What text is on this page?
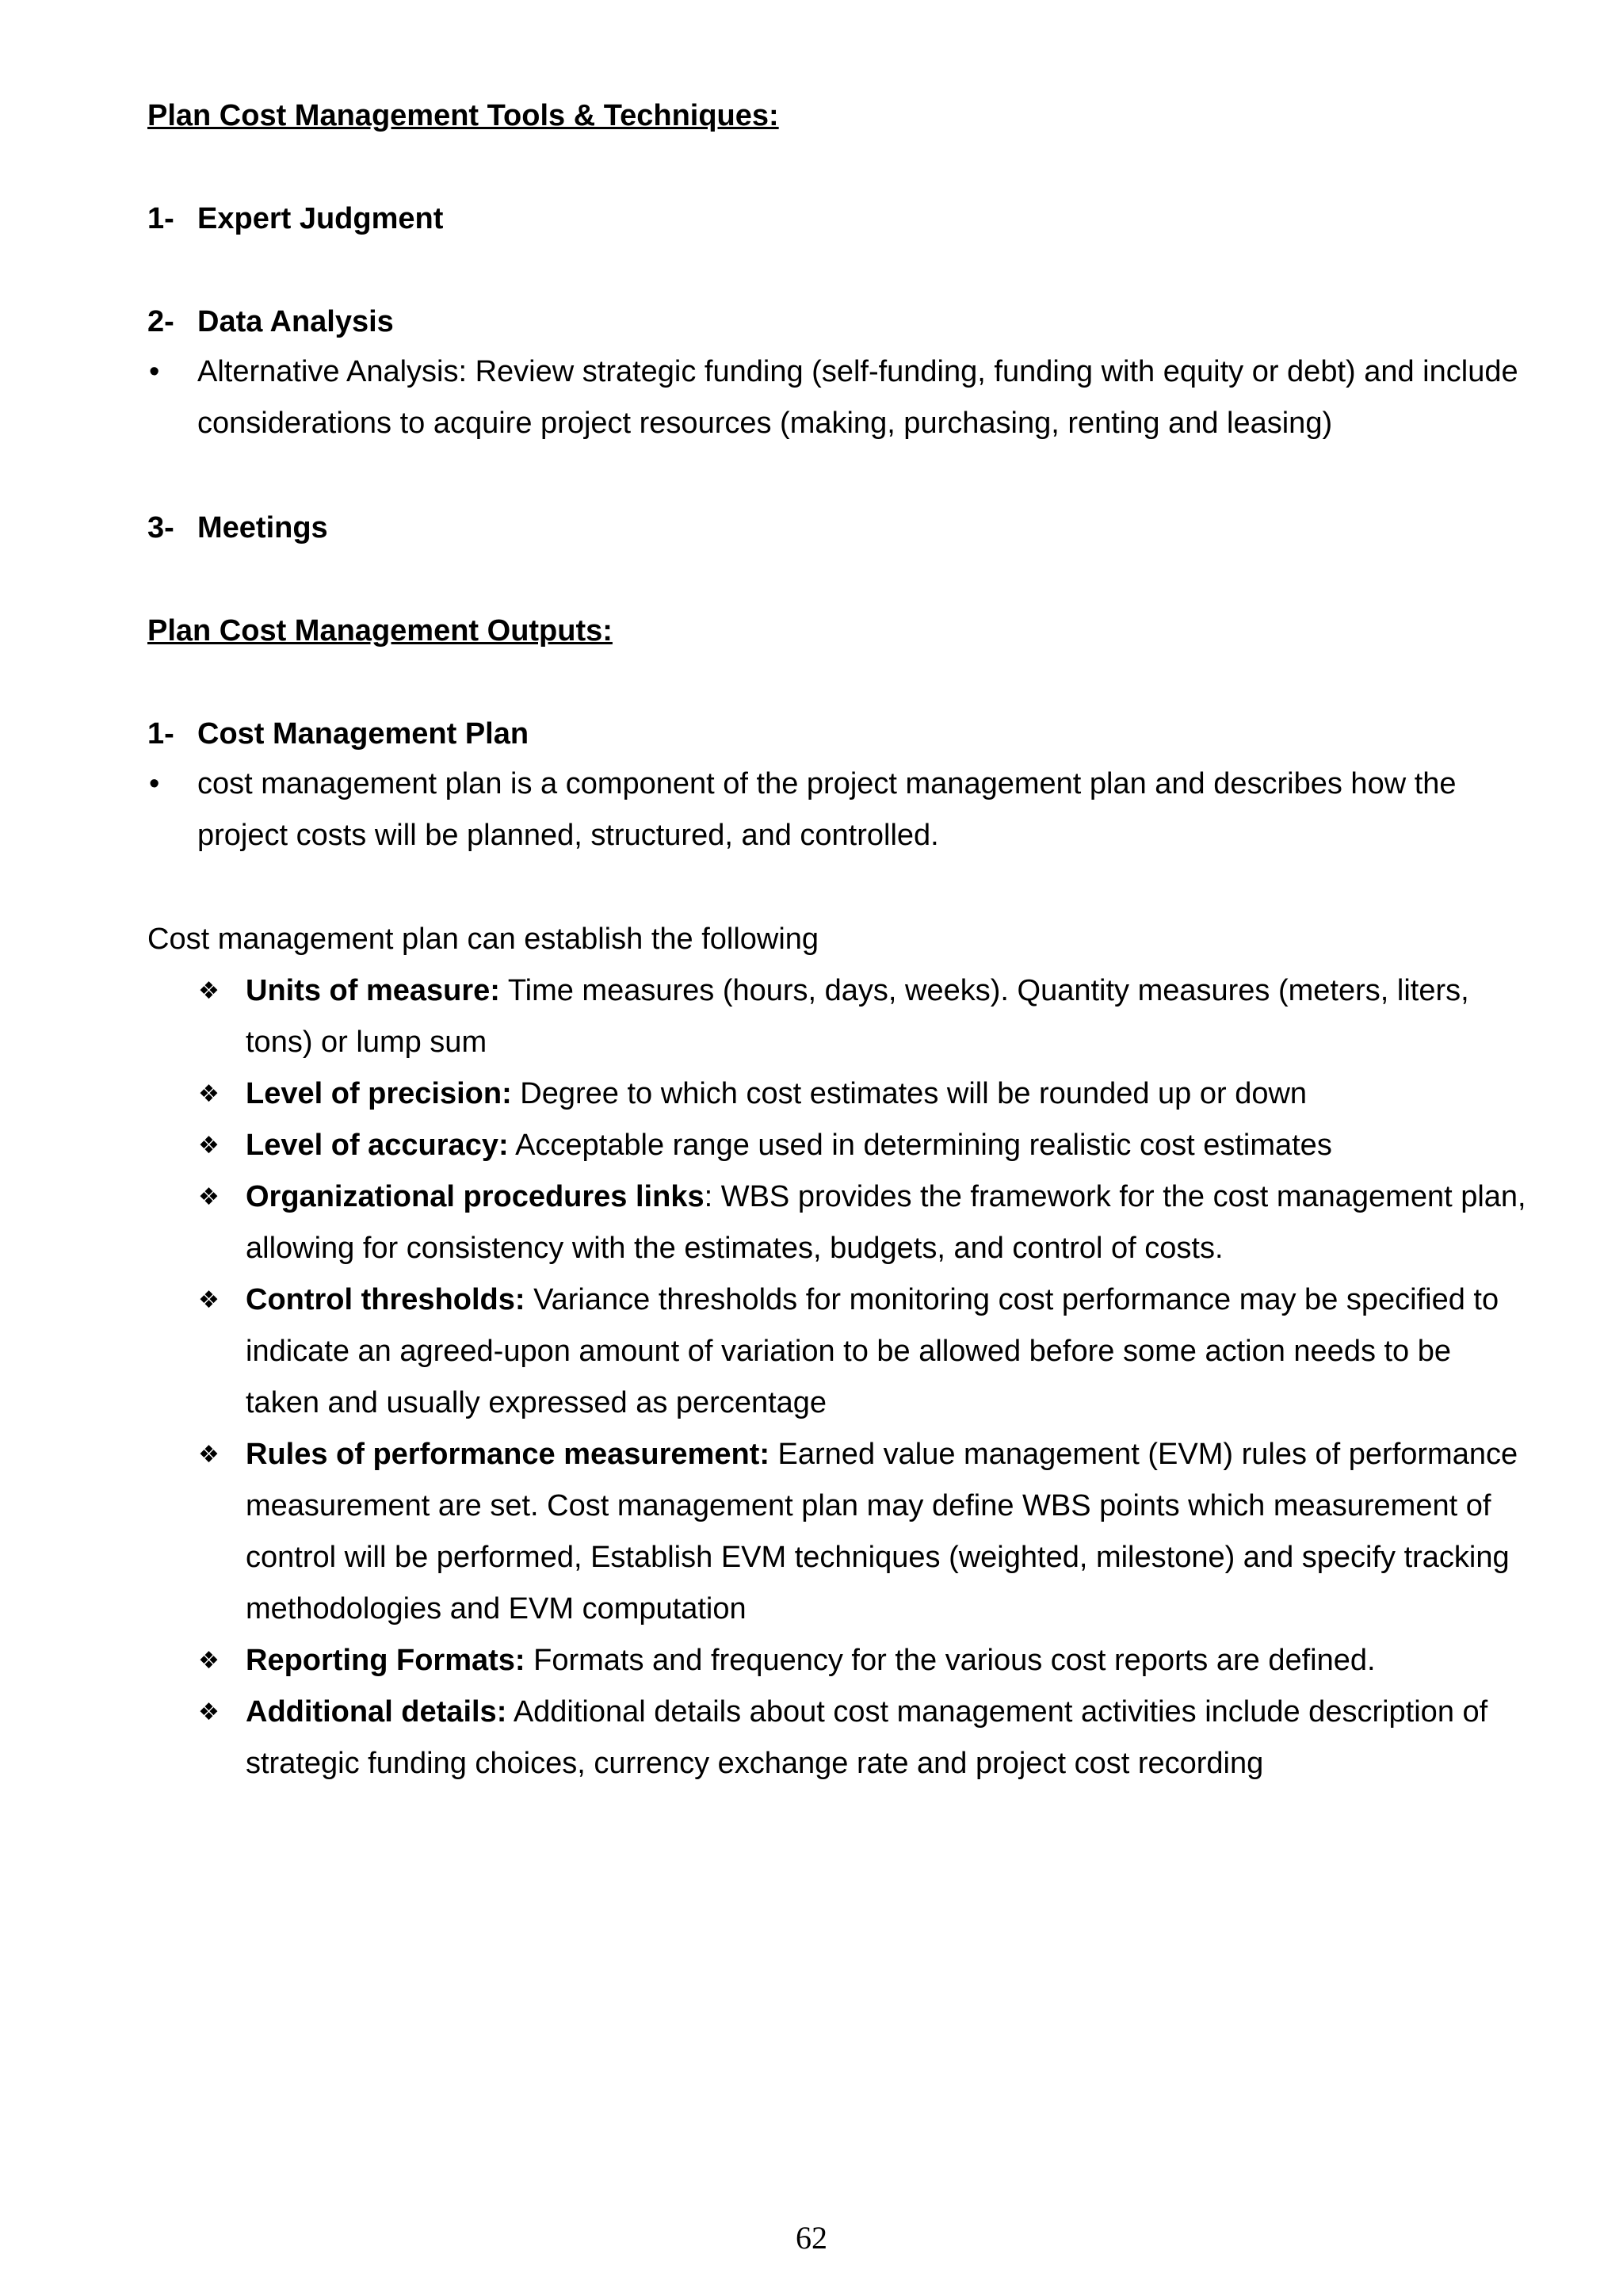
Plan Cost Management Tools & Techniques:

1- Expert Judgment
2- Data Analysis
•	Alternative Analysis: Review strategic funding (self-funding, funding with equity or debt) and include considerations to acquire project resources (making, purchasing, renting and leasing)
3- Meetings

Plan Cost Management Outputs:

1- Cost Management Plan
•	cost management plan is a component of the project management plan and describes how the project costs will be planned, structured, and controlled.
Cost management plan can establish the following
❖ Units of measure: Time measures (hours, days, weeks). Quantity measures (meters, liters, tons) or lump sum
❖ Level of precision: Degree to which cost estimates will be rounded up or down
❖ Level of accuracy: Acceptable range used in determining realistic cost estimates
❖ Organizational procedures links: WBS provides the framework for the cost management plan, allowing for consistency with the estimates, budgets, and control of costs.
❖ Control thresholds: Variance thresholds for monitoring cost performance may be specified to indicate an agreed-upon amount of variation to be allowed before some action needs to be taken and usually expressed as percentage
❖ Rules of performance measurement: Earned value management (EVM) rules of performance measurement are set. Cost management plan may define WBS points which measurement of control will be performed, Establish EVM techniques (weighted, milestone) and specify tracking methodologies and EVM computation
❖ Reporting Formats: Formats and frequency for the various cost reports are defined.
❖ Additional details: Additional details about cost management activities include description of strategic funding choices, currency exchange rate and project cost recording
62
